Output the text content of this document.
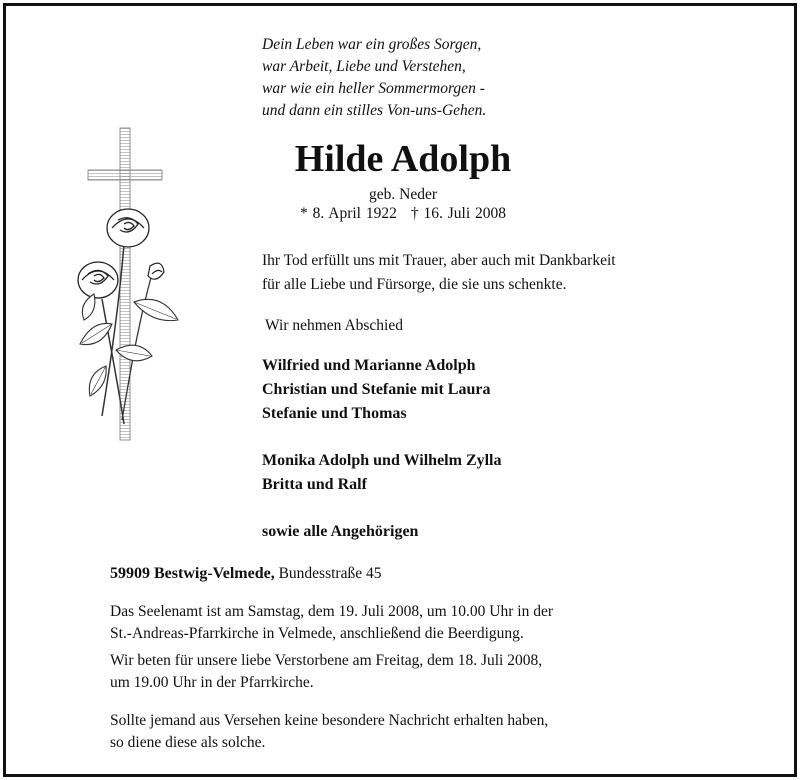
Dein Leben war ein großes Sorgen,
war Arbeit, Liebe und Verstehen,
war wie ein heller Sommermorgen -
und dann ein stilles Von-uns-Gehen.
Hilde Adolph
geb. Neder
* 8. April 1922 † 16. Juli 2008
Ihr Tod erfüllt uns mit Trauer, aber auch mit Dankbarkeit
für alle Liebe und Fürsorge, die sie uns schenkte.
Wir nehmen Abschied
Wilfried und Marianne Adolph
Christian und Stefanie mit Laura
Stefanie und Thomas
Monika Adolph und Wilhelm Zylla
Britta und Ralf
sowie alle Angehörigen
59909 Bestwig-Velmede, Bundesstraße 45
Das Seelenamt ist am Samstag, dem 19. Juli 2008, um 10.00 Uhr in der
St.-Andreas-Pfarrkirche in Velmede, anschließend die Beerdigung.
Wir beten für unsere liebe Verstorbene am Freitag, dem 18. Juli 2008,
um 19.00 Uhr in der Pfarrkirche.
Sollte jemand aus Versehen keine besondere Nachricht erhalten haben,
so diene diese als solche.
